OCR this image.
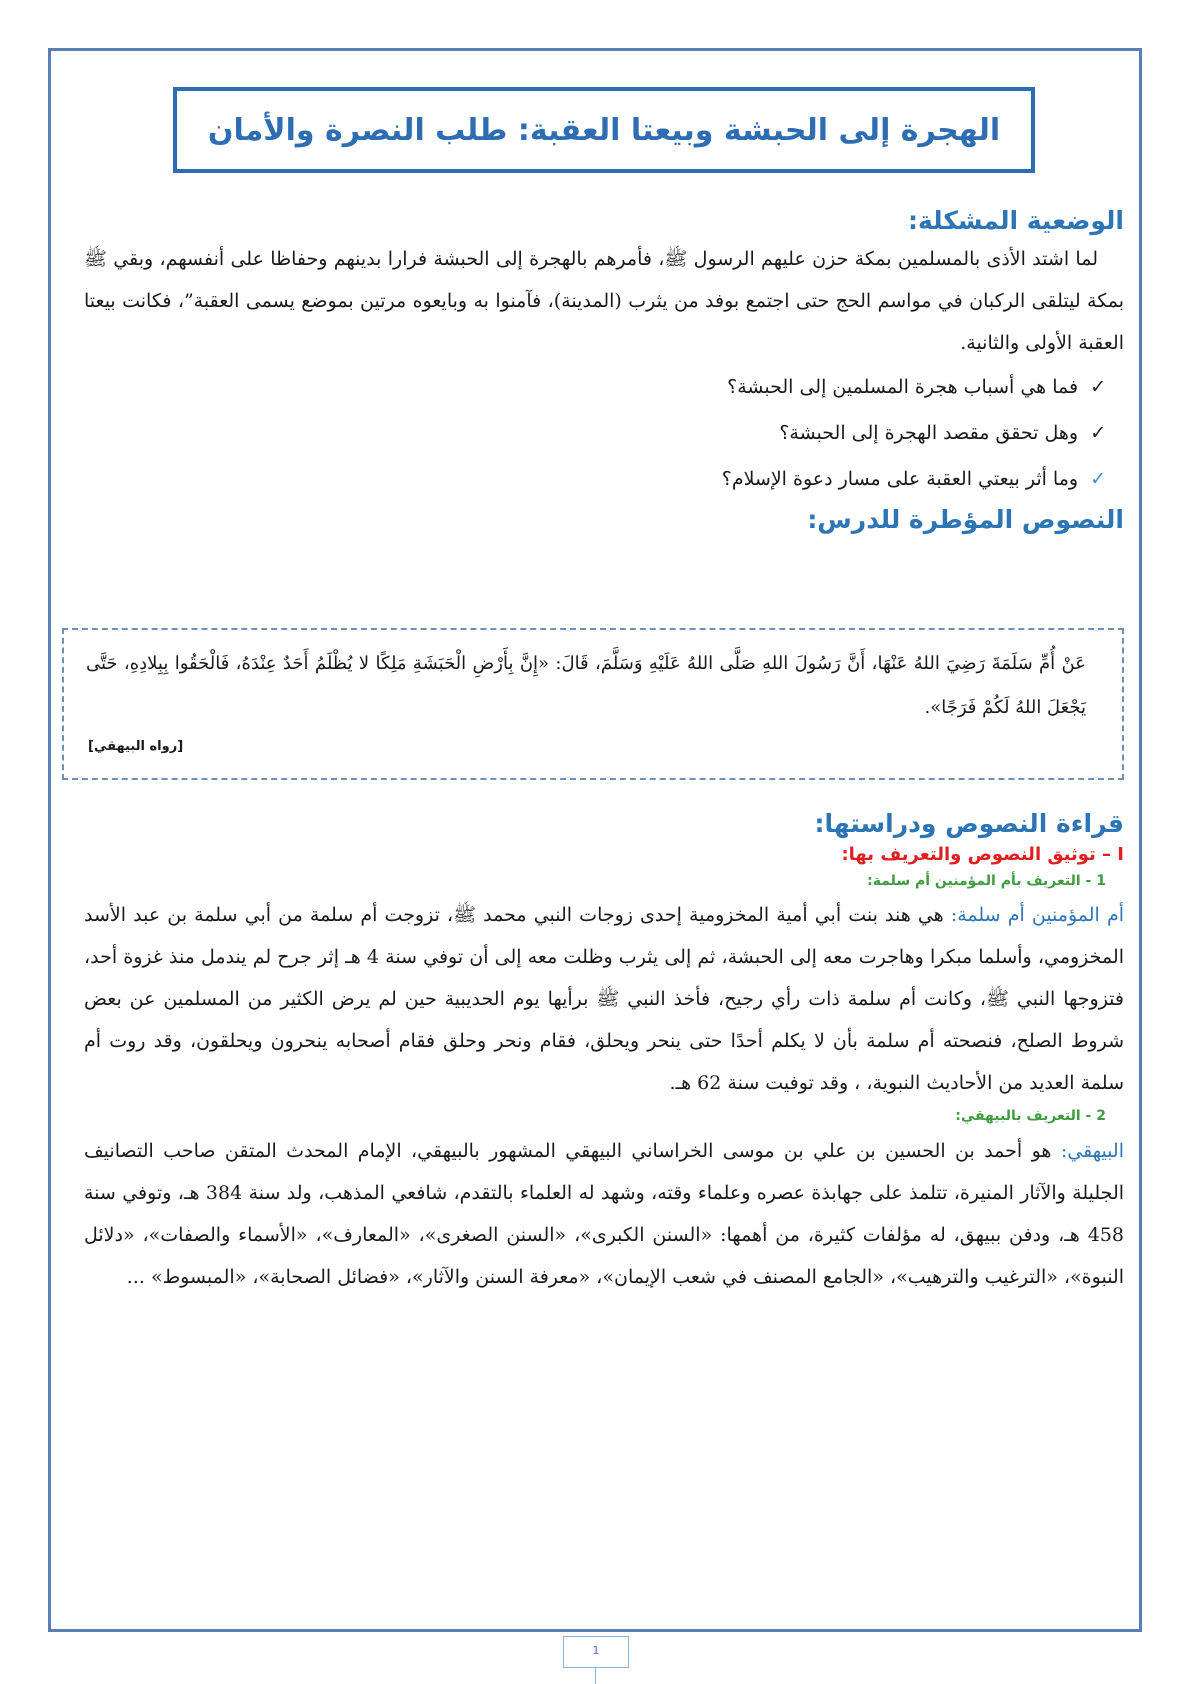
الهجرة إلى الحبشة وبيعتا العقبة: طلب النصرة والأمان
الوضعية المشكلة:

لما اشتد الأذى بالمسلمين بمكة حزن عليهم الرسول ﷺ، فأمرهم بالهجرة إلى الحبشة فرارا بدينهم وحفاظا على أنفسهم، وبقي ﷺ بمكة ليتلقى الركبان في مواسم الحج حتى اجتمع بوفد من يثرب (المدينة)، فآمنوا به وبايعوه مرتين بموضع يسمى العقبة”، فكانت بيعتا العقبة الأولى والثانية.

✓
فما هي أسباب هجرة المسلمين إلى الحبشة؟
✓
وهل تحقق مقصد الهجرة إلى الحبشة؟
✓
وما أثر بيعتي العقبة على مسار دعوة الإسلام؟
النصوص المؤطرة للدرس:

عَنْ أُمِّ سَلَمَةَ رَضِيَ اللهُ عَنْهَا، أَنَّ رَسُولَ اللهِ صَلَّى اللهُ عَلَيْهِ وَسَلَّمَ، قَالَ: «إِنَّ بِأَرْضِ الْحَبَشَةِ مَلِكًا لا يُظْلَمُ أَحَدٌ عِنْدَهُ، فَالْحَقُوا بِبِلادِهِ، حَتَّى يَجْعَلَ اللهُ لَكُمْ فَرَجًا».

[رواه البيهقي]
قراءة النصوص ودراستها:

I – توثيق النصوص والتعريف بها:

1 - التعريف بأم المؤمنين أم سلمة:

أم المؤمنين أم سلمة: هي هند بنت أبي أمية المخزومية إحدى زوجات النبي محمد ﷺ، تزوجت أم سلمة من أبي سلمة بن عبد الأسد المخزومي، وأسلما مبكرا وهاجرت معه إلى الحبشة، ثم إلى يثرب وظلت معه إلى أن توفي سنة 4 هـ إثر جرح لم يندمل منذ غزوة أحد، فتزوجها النبي ﷺ، وكانت أم سلمة ذات رأي رجيح، فأخذ النبي ﷺ برأيها يوم الحديبية حين لم يرض الكثير من المسلمين عن بعض شروط الصلح، فنصحته أم سلمة بأن لا يكلم أحدًا حتى ينحر ويحلق، فقام ونحر وحلق فقام أصحابه ينحرون ويحلقون، وقد روت أم سلمة العديد من الأحاديث النبوية، ، وقد توفيت سنة 62 هـ.

2 - التعريف بالبيهقي:

البيهقي: هو أحمد بن الحسين بن علي بن موسى الخراساني البيهقي المشهور بالبيهقي، الإمام المحدث المتقن صاحب التصانيف الجليلة والآثار المنيرة، تتلمذ على جهابذة عصره وعلماء وقته، وشهد له العلماء بالتقدم، شافعي المذهب، ولد سنة 384 هـ، وتوفي سنة 458 هـ، ودفن ببيهق، له مؤلفات كثيرة، من أهمها: «السنن الكبرى»، «السنن الصغرى»، «المعارف»، «الأسماء والصفات»، «دلائل النبوة»، «الترغيب والترهيب»، «الجامع المصنف في شعب الإيمان»، «معرفة السنن والآثار»، «فضائل الصحابة»، «المبسوط» ...

1
